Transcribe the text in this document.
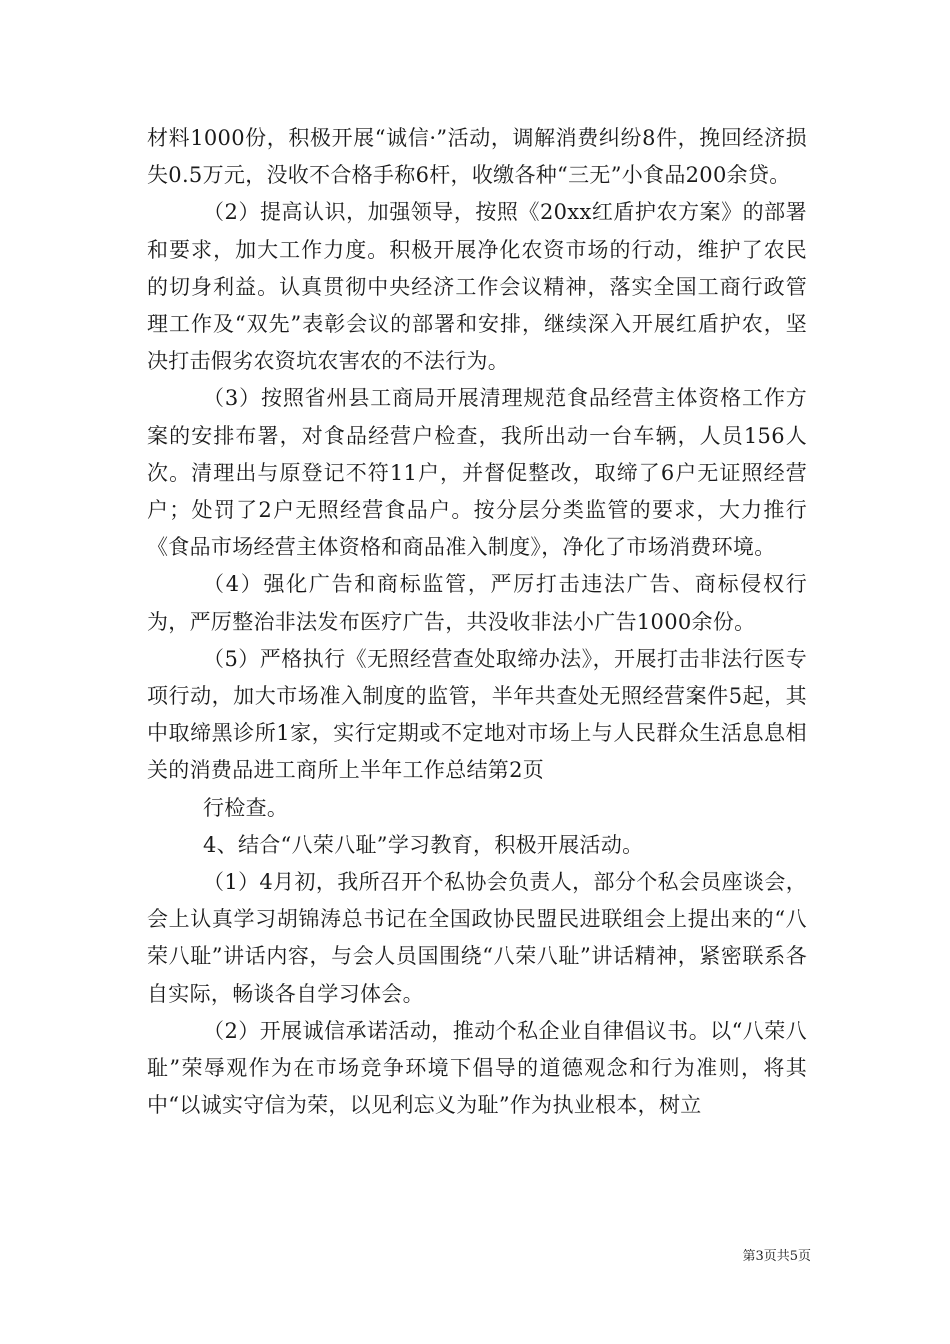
材料1000份，积极开展“诚信·”活动，调解消费纠纷8件，挽回经济损失0.5万元，没收不合格手称6杆，收缴各种“三无”小食品200余贷。

（2）提高认识，加强领导，按照《20xx红盾护农方案》的部署和要求，加大工作力度。积极开展净化农资市场的行动，维护了农民的切身利益。认真贯彻中央经济工作会议精神，落实全国工商行政管理工作及“双先”表彰会议的部署和安排，继续深入开展红盾护农，坚决打击假劣农资坑农害农的不法行为。

（3）按照省州县工商局开展清理规范食品经营主体资格工作方案的安排布署，对食品经营户检查，我所出动一台车辆，人员156人次。清理出与原登记不符11户，并督促整改，取缔了6户无证照经营户；处罚了2户无照经营食品户。按分层分类监管的要求，大力推行《食品市场经营主体资格和商品准入制度》，净化了市场消费环境。

（4）强化广告和商标监管，严厉打击违法广告、商标侵权行为，严厉整治非法发布医疗广告，共没收非法小广告1000余份。

（5）严格执行《无照经营查处取缔办法》，开展打击非法行医专项行动，加大市场准入制度的监管，半年共查处无照经营案件5起，其中取缔黑诊所1家，实行定期或不定地对市场上与人民群众生活息息相关的消费品进工商所上半年工作总结第2页

行检查。

4、结合“八荣八耻”学习教育，积极开展活动。

（1）4月初，我所召开个私协会负责人，部分个私会员座谈会，会上认真学习胡锦涛总书记在全国政协民盟民进联组会上提出来的“八荣八耻”讲话内容，与会人员国围绕“八荣八耻”讲话精神，紧密联系各自实际，畅谈各自学习体会。

（2）开展诚信承诺活动，推动个私企业自律倡议书。以“八荣八耻”荣辱观作为在市场竞争环境下倡导的道德观念和行为准则，将其中“以诚实守信为荣，以见利忘义为耻”作为执业根本，树立

第3页共5页
